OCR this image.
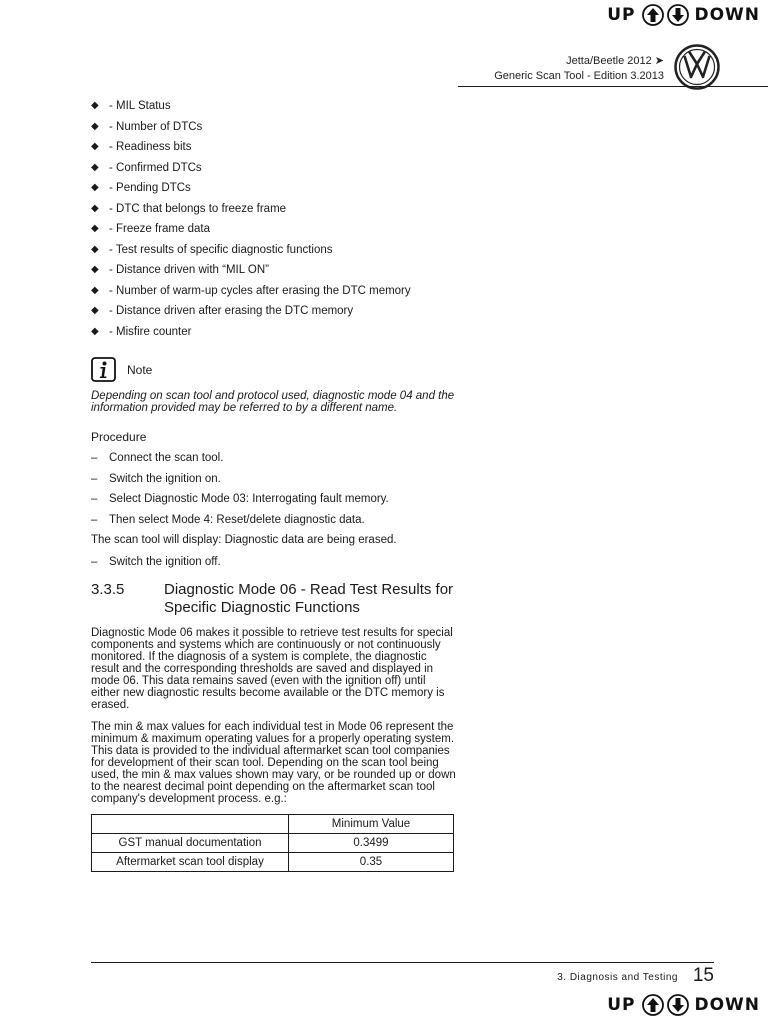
UP	DOWN
Jetta/Beetle 2012 ➤
Generic Scan Tool - Edition 3.2013
◆ - MIL Status
◆ - Number of DTCs
◆ - Readiness bits
◆ - Confirmed DTCs
◆ - Pending DTCs
◆ - DTC that belongs to freeze frame
◆ - Freeze frame data
◆ - Test results of specific diagnostic functions
◆ - Distance driven with “MIL ON”
◆ - Number of warm-up cycles after erasing the DTC memory
◆ - Distance driven after erasing the DTC memory
◆ - Misfire counter
Note
Depending on scan tool and protocol used, diagnostic mode 04 and the information provided may be referred to by a different name.
Procedure
– Connect the scan tool.
– Switch the ignition on.
– Select Diagnostic Mode 03: Interrogating fault memory.
– Then select Mode 4: Reset/delete diagnostic data.
The scan tool will display: Diagnostic data are being erased.
– Switch the ignition off.
3.3.5	Diagnostic Mode 06 - Read Test Results for Specific Diagnostic Functions
Diagnostic Mode 06 makes it possible to retrieve test results for special components and systems which are continuously or not continuously monitored. If the diagnosis of a system is complete, the diagnostic result and the corresponding thresholds are saved and displayed in mode 06. This data remains saved (even with the ignition off) until either new diagnostic results become available or the DTC memory is erased.
The min & max values for each individual test in Mode 06 represent the minimum & maximum operating values for a properly operating system. This data is provided to the individual aftermarket scan tool companies for development of their scan tool. Depending on the scan tool being used, the min & max values shown may vary, or be rounded up or down to the nearest decimal point depending on the aftermarket scan tool company's development process. e.g.:
	Minimum Value
GST manual documentation	0.3499
Aftermarket scan tool display	0.35
3. Diagnosis and Testing 15
UP	DOWN
